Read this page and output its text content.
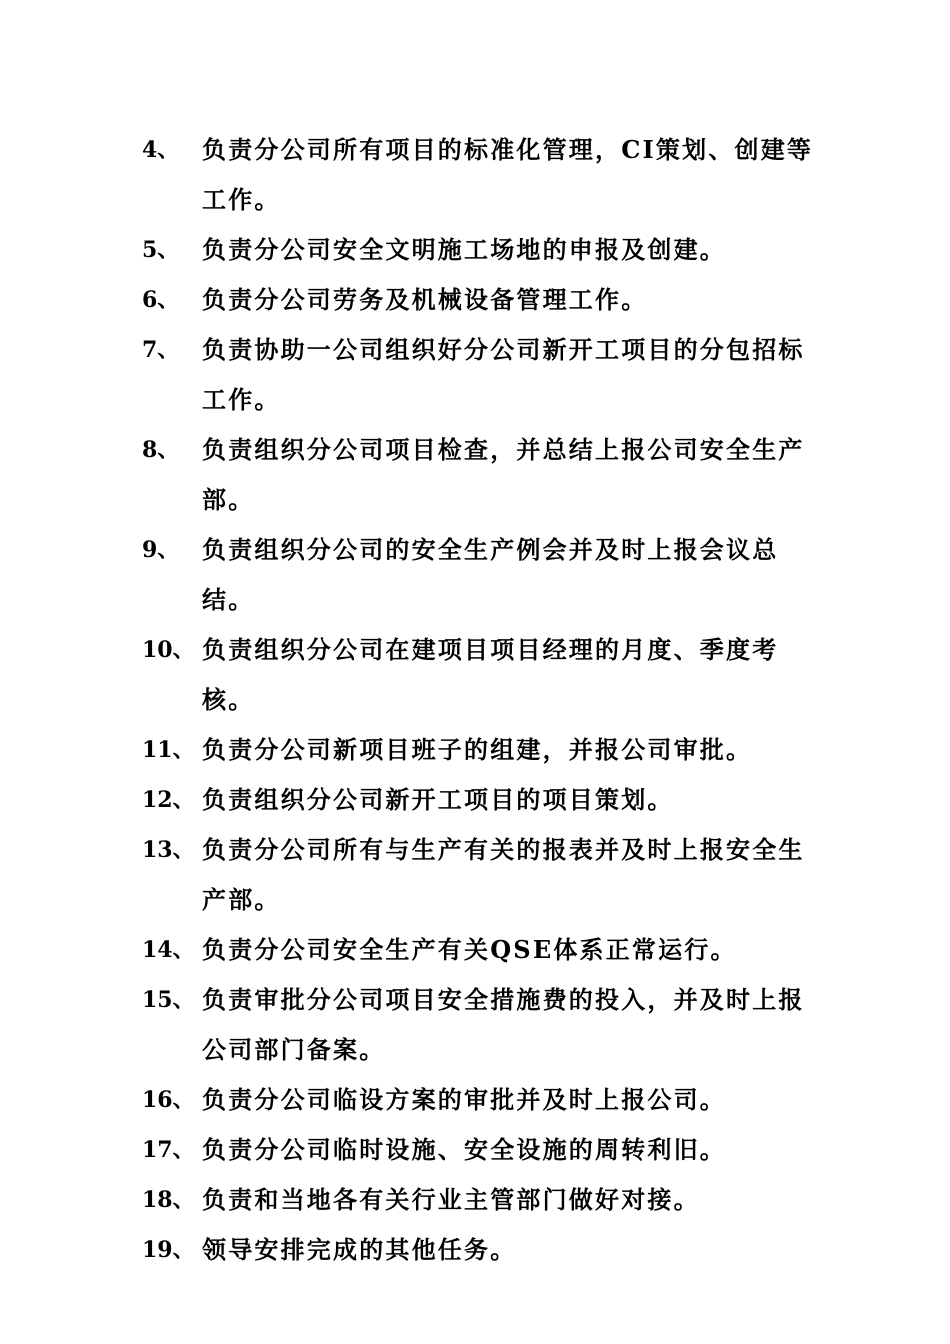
4、 负责分公司所有项目的标准化管理，CI策划、创建等工作。
5、 负责分公司安全文明施工场地的申报及创建。
6、 负责分公司劳务及机械设备管理工作。
7、 负责协助一公司组织好分公司新开工项目的分包招标工作。
8、 负责组织分公司项目检查，并总结上报公司安全生产部。
9、 负责组织分公司的安全生产例会并及时上报会议总结。
10、 负责组织分公司在建项目项目经理的月度、季度考核。
11、 负责分公司新项目班子的组建，并报公司审批。
12、 负责组织分公司新开工项目的项目策划。
13、 负责分公司所有与生产有关的报表并及时上报安全生产部。
14、 负责分公司安全生产有关QSE体系正常运行。
15、 负责审批分公司项目安全措施费的投入，并及时上报公司部门备案。
16、 负责分公司临设方案的审批并及时上报公司。
17、 负责分公司临时设施、安全设施的周转利旧。
18、 负责和当地各有关行业主管部门做好对接。
19、 领导安排完成的其他任务。
